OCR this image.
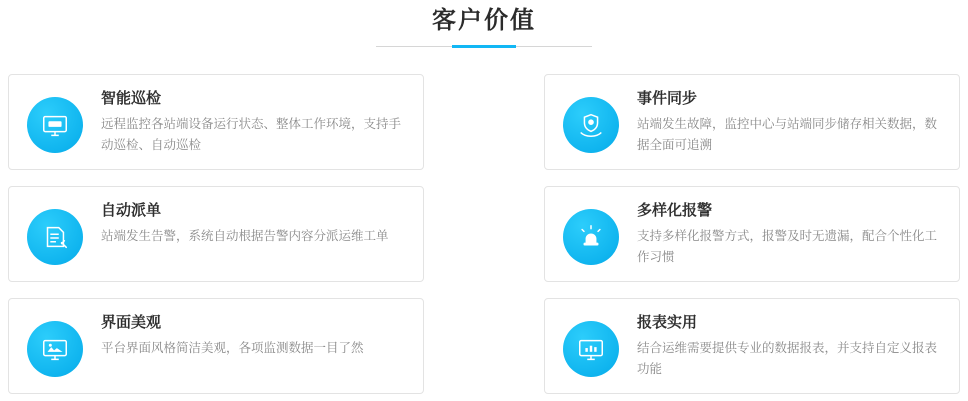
客户价值

智能巡检

远程监控各站端设备运行状态、整体工作环境，支持手动巡检、自动巡检

事件同步

站端发生故障，监控中心与站端同步储存相关数据，数据全面可追溯

自动派单

站端发生告警，系统自动根据告警内容分派运维工单

多样化报警

支持多样化报警方式，报警及时无遗漏，配合个性化工作习惯

界面美观

平台界面风格简洁美观，各项监测数据一目了然

报表实用

结合运维需要提供专业的数据报表，并支持自定义报表功能
